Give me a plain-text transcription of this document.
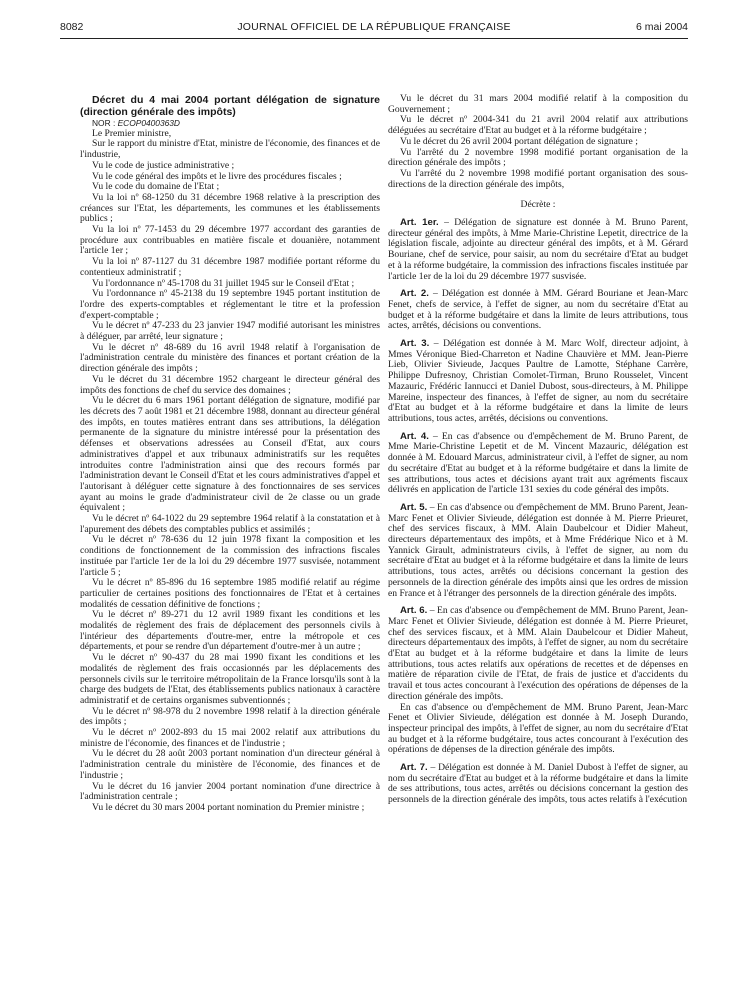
8082	JOURNAL OFFICIEL DE LA RÉPUBLIQUE FRANÇAISE	6 mai 2004

Décret du 4 mai 2004 portant délégation de signature (direction générale des impôts)

NOR : ECOP0400363D

Le Premier ministre,

Sur le rapport du ministre d'Etat, ministre de l'économie, des finances et de l'industrie,

Vu le code de justice administrative ;

Vu le code général des impôts et le livre des procédures fiscales ;

Vu le code du domaine de l'Etat ;

Vu la loi nº 68-1250 du 31 décembre 1968 relative à la prescription des créances sur l'Etat, les départements, les communes et les établissements publics ;

Vu la loi nº 77-1453 du 29 décembre 1977 accordant des garanties de procédure aux contribuables en matière fiscale et douanière, notamment l'article 1er ;

Vu la loi nº 87-1127 du 31 décembre 1987 modifiée portant réforme du contentieux administratif ;

Vu l'ordonnance nº 45-1708 du 31 juillet 1945 sur le Conseil d'Etat ;

Vu l'ordonnance nº 45-2138 du 19 septembre 1945 portant institution de l'ordre des experts-comptables et réglementant le titre et la profession d'expert-comptable ;

Vu le décret nº 47-233 du 23 janvier 1947 modifié autorisant les ministres à déléguer, par arrêté, leur signature ;

Vu le décret nº 48-689 du 16 avril 1948 relatif à l'organisation de l'administration centrale du ministère des finances et portant création de la direction générale des impôts ;

Vu le décret du 31 décembre 1952 chargeant le directeur général des impôts des fonctions de chef du service des domaines ;

Vu le décret du 6 mars 1961 portant délégation de signature, modifié par les décrets des 7 août 1981 et 21 décembre 1988, donnant au directeur général des impôts, en toutes matières entrant dans ses attributions, la délégation permanente de la signature du ministre intéressé pour la présentation des défenses et observations adressées au Conseil d'Etat, aux cours administratives d'appel et aux tribunaux administratifs sur les requêtes introduites contre l'administration ainsi que des recours formés par l'administration devant le Conseil d'Etat et les cours administratives d'appel et l'autorisant à déléguer cette signature à des fonctionnaires de ses services ayant au moins le grade d'administrateur civil de 2e classe ou un grade équivalent ;

Vu le décret nº 64-1022 du 29 septembre 1964 relatif à la constatation et à l'apurement des débets des comptables publics et assimilés ;

Vu le décret nº 78-636 du 12 juin 1978 fixant la composition et les conditions de fonctionnement de la commission des infractions fiscales instituée par l'article 1er de la loi du 29 décembre 1977 susvisée, notamment l'article 5 ;

Vu le décret nº 85-896 du 16 septembre 1985 modifié relatif au régime particulier de certaines positions des fonctionnaires de l'Etat et à certaines modalités de cessation définitive de fonctions ;

Vu le décret nº 89-271 du 12 avril 1989 fixant les conditions et les modalités de règlement des frais de déplacement des personnels civils à l'intérieur des départements d'outre-mer, entre la métropole et ces départements, et pour se rendre d'un département d'outre-mer à un autre ;

Vu le décret nº 90-437 du 28 mai 1990 fixant les conditions et les modalités de règlement des frais occasionnés par les déplacements des personnels civils sur le territoire métropolitain de la France lorsqu'ils sont à la charge des budgets de l'Etat, des établissements publics nationaux à caractère administratif et de certains organismes subventionnés ;

Vu le décret nº 98-978 du 2 novembre 1998 relatif à la direction générale des impôts ;

Vu le décret nº 2002-893 du 15 mai 2002 relatif aux attributions du ministre de l'économie, des finances et de l'industrie ;

Vu le décret du 28 août 2003 portant nomination d'un directeur général à l'administration centrale du ministère de l'économie, des finances et de l'industrie ;

Vu le décret du 16 janvier 2004 portant nomination d'une directrice à l'administration centrale ;

Vu le décret du 30 mars 2004 portant nomination du Premier ministre ;

Vu le décret du 31 mars 2004 modifié relatif à la composition du Gouvernement ;

Vu le décret nº 2004-341 du 21 avril 2004 relatif aux attributions déléguées au secrétaire d'Etat au budget et à la réforme budgétaire ;

Vu le décret du 26 avril 2004 portant délégation de signature ;

Vu l'arrêté du 2 novembre 1998 modifié portant organisation de la direction générale des impôts ;

Vu l'arrêté du 2 novembre 1998 modifié portant organisation des sous-directions de la direction générale des impôts,

Décrète :

Art. 1er. – Délégation de signature est donnée à M. Bruno Parent, directeur général des impôts, à Mme Marie-Christine Lepetit, directrice de la législation fiscale, adjointe au directeur général des impôts, et à M. Gérard Bouriane, chef de service, pour saisir, au nom du secrétaire d'Etat au budget et à la réforme budgétaire, la commission des infractions fiscales instituée par l'article 1er de la loi du 29 décembre 1977 susvisée.

Art. 2. – Délégation est donnée à MM. Gérard Bouriane et Jean-Marc Fenet, chefs de service, à l'effet de signer, au nom du secrétaire d'Etat au budget et à la réforme budgétaire et dans la limite de leurs attributions, tous actes, arrêtés, décisions ou conventions.

Art. 3. – Délégation est donnée à M. Marc Wolf, directeur adjoint, à Mmes Véronique Bied-Charreton et Nadine Chauvière et MM. Jean-Pierre Lieb, Olivier Sivieude, Jacques Paultre de Lamotte, Stéphane Carrère, Philippe Dufresnoy, Christian Comolet-Tirman, Bruno Rousselet, Vincent Mazauric, Frédéric Iannucci et Daniel Dubost, sous-directeurs, à M. Philippe Mareine, inspecteur des finances, à l'effet de signer, au nom du secrétaire d'Etat au budget et à la réforme budgétaire et dans la limite de leurs attributions, tous actes, arrêtés, décisions ou conventions.

Art. 4. – En cas d'absence ou d'empêchement de M. Bruno Parent, de Mme Marie-Christine Lepetit et de M. Vincent Mazauric, délégation est donnée à M. Edouard Marcus, administrateur civil, à l'effet de signer, au nom du secrétaire d'Etat au budget et à la réforme budgétaire et dans la limite de ses attributions, tous actes et décisions ayant trait aux agréments fiscaux délivrés en application de l'article 131 sexies du code général des impôts.

Art. 5. – En cas d'absence ou d'empêchement de MM. Bruno Parent, Jean-Marc Fenet et Olivier Sivieude, délégation est donnée à M. Pierre Prieuret, chef des services fiscaux, à MM. Alain Daubelcour et Didier Maheut, directeurs départementaux des impôts, et à Mme Frédérique Nico et à M. Yannick Girault, administrateurs civils, à l'effet de signer, au nom du secrétaire d'Etat au budget et à la réforme budgétaire et dans la limite de leurs attributions, tous actes, arrêtés ou décisions concernant la gestion des personnels de la direction générale des impôts ainsi que les ordres de mission en France et à l'étranger des personnels de la direction générale des impôts.

Art. 6. – En cas d'absence ou d'empêchement de MM. Bruno Parent, Jean-Marc Fenet et Olivier Sivieude, délégation est donnée à M. Pierre Prieuret, chef des services fiscaux, et à MM. Alain Daubelcour et Didier Maheut, directeurs départementaux des impôts, à l'effet de signer, au nom du secrétaire d'Etat au budget et à la réforme budgétaire et dans la limite de leurs attributions, tous actes relatifs aux opérations de recettes et de dépenses en matière de réparation civile de l'Etat, de frais de justice et d'accidents du travail et tous actes concourant à l'exécution des opérations de dépenses de la direction générale des impôts.

En cas d'absence ou d'empêchement de MM. Bruno Parent, Jean-Marc Fenet et Olivier Sivieude, délégation est donnée à M. Joseph Durando, inspecteur principal des impôts, à l'effet de signer, au nom du secrétaire d'Etat au budget et à la réforme budgétaire, tous actes concourant à l'exécution des opérations de dépenses de la direction générale des impôts.

Art. 7. – Délégation est donnée à M. Daniel Dubost à l'effet de signer, au nom du secrétaire d'Etat au budget et à la réforme budgétaire et dans la limite de ses attributions, tous actes, arrêtés ou décisions concernant la gestion des personnels de la direction générale des impôts, tous actes relatifs à l'exécution
